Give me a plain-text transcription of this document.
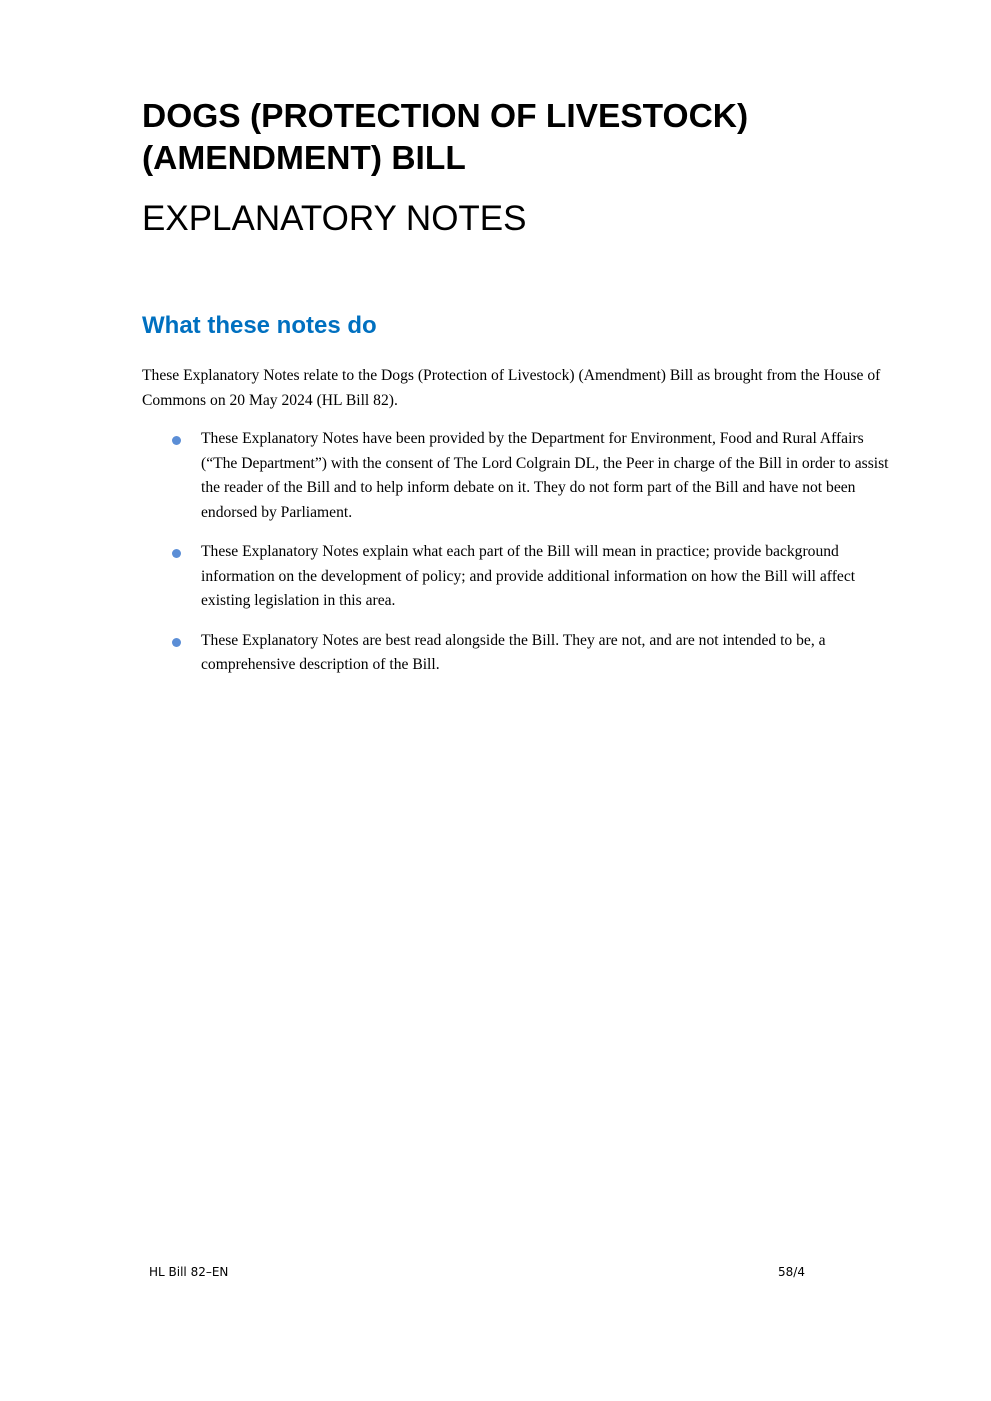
DOGS (PROTECTION OF LIVESTOCK)
(AMENDMENT) BILL
EXPLANATORY NOTES
What these notes do

These Explanatory Notes relate to the Dogs (Protection of Livestock) (Amendment) Bill as brought from the House of Commons on 20 May 2024 (HL Bill 82).

These Explanatory Notes have been provided by the Department for Environment, Food and Rural Affairs (“The Department”) with the consent of The Lord Colgrain DL, the Peer in charge of the Bill in order to assist the reader of the Bill and to help inform debate on it. They do not form part of the Bill and have not been endorsed by Parliament.
These Explanatory Notes explain what each part of the Bill will mean in practice; provide background information on the development of policy; and provide additional information on how the Bill will affect existing legislation in this area.
These Explanatory Notes are best read alongside the Bill. They are not, and are not intended to be, a comprehensive description of the Bill.
HL Bill 82–EN	58/4
